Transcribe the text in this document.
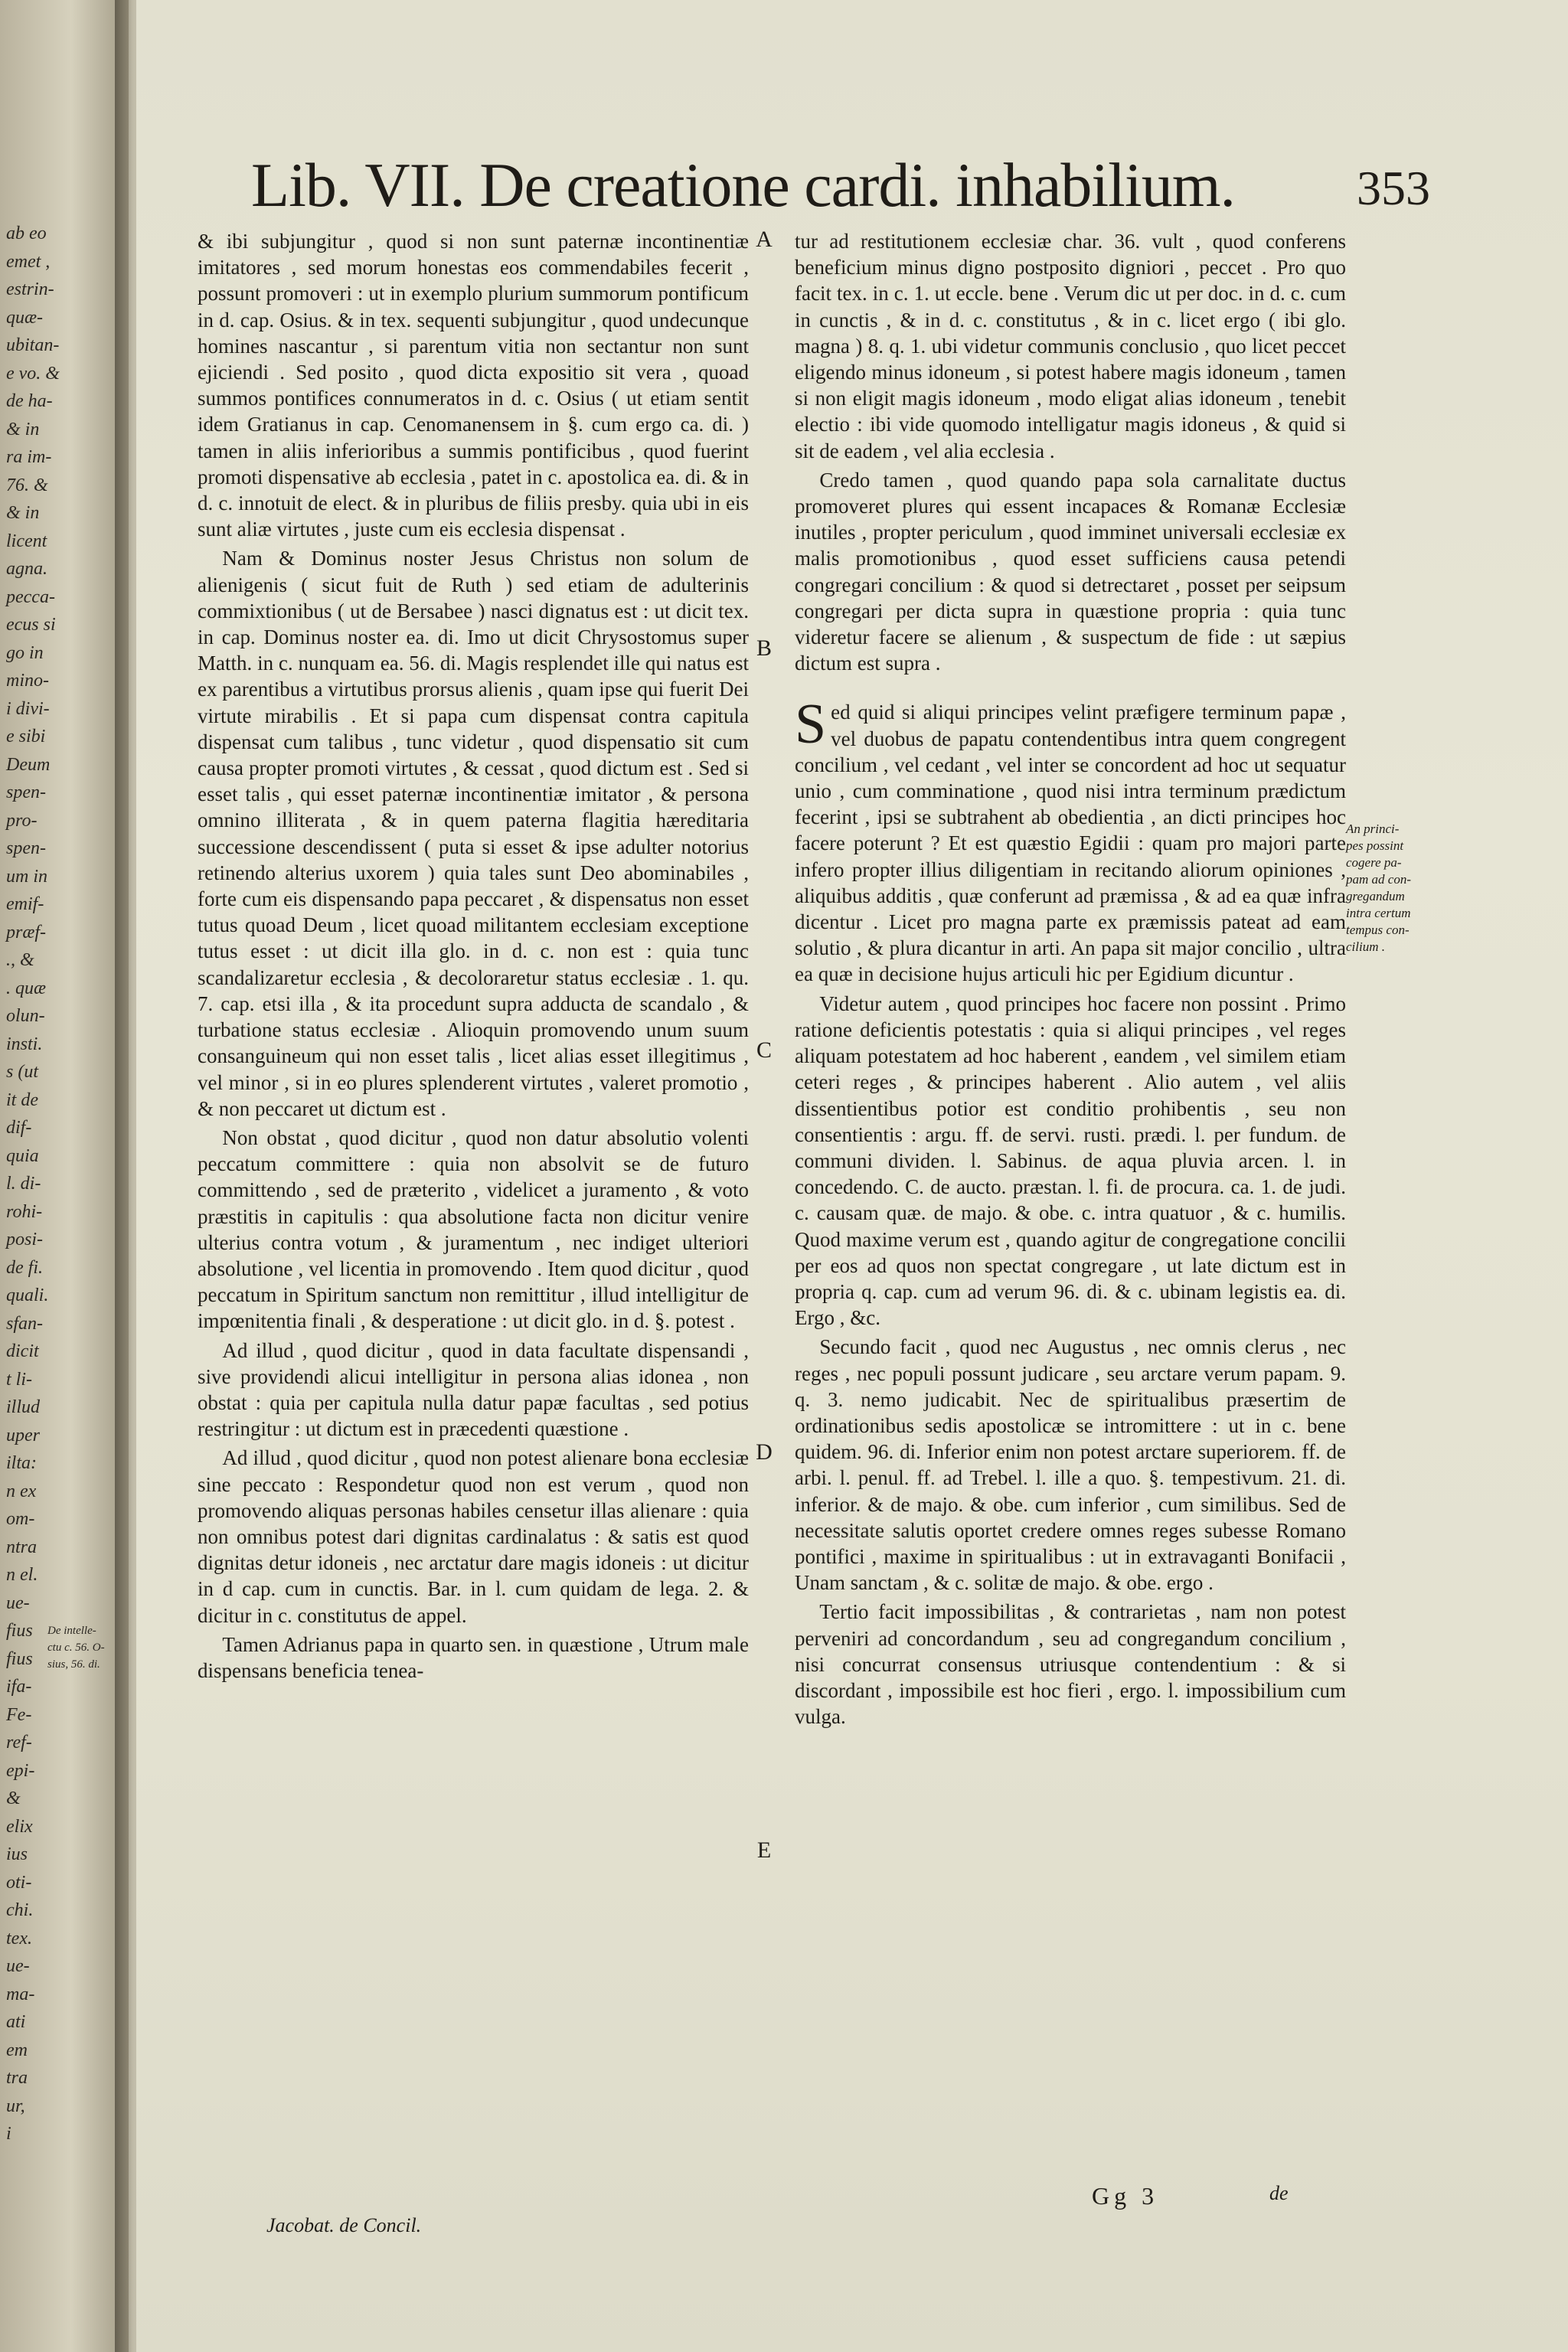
ab eo
emet ,
estrin-
quæ-
ubitan-
e vo. &
de ha-
& in
ra im-
76. &
& in
licent
agna.
pecca-
ecus si
go in
mino-
i divi-
e sibi
Deum
spen-
pro-
spen-
um in
emif-
præf-
., &
. quæ
olun-
insti.
s (ut
it de
dif-
quia
l. di-
rohi-
posi-
de fi.
quali.
sfan-
dicit
t li-
illud
uper
ilta:
n ex
om-
ntra
n el.
ue-
fius
fius
ifa-
Fe-
ref-
epi-
&
elix
ius
oti-
chi.
tex.
ue-
ma-
ati
em
tra
ur,
i
De intelle-
ctu c. 56. O-
sius, 56. di.
Lib. VII. De creatione cardi. inhabilium. 353

& ibi subjungitur , quod si non sunt paternæ incontinentiæ imitatores , sed morum honestas eos commendabiles fecerit , possunt promoveri : ut in exemplo plurium summorum pontificum in d. cap. Osius. & in tex. sequenti subjungitur , quod undecunque homines nascantur , si parentum vitia non sectantur non sunt ejiciendi . Sed posito , quod dicta expositio sit vera , quoad summos pontifices connumeratos in d. c. Osius ( ut etiam sentit idem Gratianus in cap. Cenomanensem in §. cum ergo ca. di. ) tamen in aliis inferioribus a summis pontificibus , quod fuerint promoti dispensative ab ecclesia , patet in c. apostolica ea. di. & in d. c. innotuit de elect. & in pluribus de filiis presby. quia ubi in eis sunt aliæ virtutes , juste cum eis ecclesia dispensat .

Nam & Dominus noster Jesus Christus non solum de alienigenis ( sicut fuit de Ruth ) sed etiam de adulterinis commixtionibus ( ut de Bersabee ) nasci dignatus est : ut dicit tex. in cap. Dominus noster ea. di. Imo ut dicit Chrysostomus super Matth. in c. nunquam ea. 56. di. Magis resplendet ille qui natus est ex parentibus a virtutibus prorsus alienis , quam ipse qui fuerit Dei virtute mirabilis . Et si papa cum dispensat contra capitula dispensat cum talibus , tunc videtur , quod dispensatio sit cum causa propter promoti virtutes , & cessat , quod dictum est . Sed si esset talis , qui esset paternæ incontinentiæ imitator , & persona omnino illiterata , & in quem paterna flagitia hæreditaria successione descendissent ( puta si esset & ipse adulter notorius retinendo alterius uxorem ) quia tales sunt Deo abominabiles , forte cum eis dispensando papa peccaret , & dispensatus non esset tutus quoad Deum , licet quoad militantem ecclesiam exceptione tutus esset : ut dicit illa glo. in d. c. non est : quia tunc scandalizaretur ecclesia , & decoloraretur status ecclesiæ . 1. qu. 7. cap. etsi illa , & ita procedunt supra adducta de scandalo , & turbatione status ecclesiæ . Alioquin promovendo unum suum consanguineum qui non esset talis , licet alias esset illegitimus , vel minor , si in eo plures splenderent virtutes , valeret promotio , & non peccaret ut dictum est .

Non obstat , quod dicitur , quod non datur absolutio volenti peccatum committere : quia non absolvit se de futuro committendo , sed de præterito , videlicet a juramento , & voto præstitis in capitulis : qua absolutione facta non dicitur venire ulterius contra votum , & juramentum , nec indiget ulteriori absolutione , vel licentia in promovendo . Item quod dicitur , quod peccatum in Spiritum sanctum non remittitur , illud intelligitur de impœnitentia finali , & desperatione : ut dicit glo. in d. §. potest .

Ad illud , quod dicitur , quod in data facultate dispensandi , sive providendi alicui intelligitur in persona alias idonea , non obstat : quia per capitula nulla datur papæ facultas , sed potius restringitur : ut dictum est in præcedenti quæstione .

Ad illud , quod dicitur , quod non potest alienare bona ecclesiæ sine peccato : Respondetur quod non est verum , quod non promovendo aliquas personas habiles censetur illas alienare : quia non omnibus potest dari dignitas cardinalatus : & satis est quod dignitas detur idoneis , nec arctatur dare magis idoneis : ut dicitur in d cap. cum in cunctis. Bar. in l. cum quidam de lega. 2. & dicitur in c. constitutus de appel.

Tamen Adrianus papa in quarto sen. in quæstione , Utrum male dispensans beneficia tenea-

Jacobat. de Concil.
A
B
C
D
E

tur ad restitutionem ecclesiæ char. 36. vult , quod conferens beneficium minus digno postposito digniori , peccet . Pro quo facit tex. in c. 1. ut eccle. bene . Verum dic ut per doc. in d. c. cum in cunctis , & in d. c. constitutus , & in c. licet ergo ( ibi glo. magna ) 8. q. 1. ubi videtur communis conclusio , quo licet peccet eligendo minus idoneum , si potest habere magis idoneum , tamen si non eligit magis idoneum , modo eligat alias idoneum , tenebit electio : ibi vide quomodo intelligatur magis idoneus , & quid si sit de eadem , vel alia ecclesia .

Credo tamen , quod quando papa sola carnalitate ductus promoveret plures qui essent incapaces & Romanæ Ecclesiæ inutiles , propter periculum , quod imminet universali ecclesiæ ex malis promotionibus , quod esset sufficiens causa petendi congregari concilium : & quod si detrectaret , posset per seipsum congregari per dicta supra in quæstione propria : quia tunc videretur facere se alienum , & suspectum de fide : ut sæpius dictum est supra .

Sed quid si aliqui principes velint præfigere terminum papæ , vel duobus de papatu contendentibus intra quem congregent concilium , vel cedant , vel inter se concordent ad hoc ut sequatur unio , cum comminatione , quod nisi intra terminum prædictum fecerint , ipsi se subtrahent ab obedientia , an dicti principes hoc facere poterunt ? Et est quæstio Egidii : quam pro majori parte infero propter illius diligentiam in recitando aliorum opiniones , aliquibus additis , quæ conferunt ad præmissa , & ad ea quæ infra dicentur . Licet pro magna parte ex præmissis pateat ad eam solutio , & plura dicantur in arti. An papa sit major concilio , ultra ea quæ in decisione hujus articuli hic per Egidium dicuntur .

Videtur autem , quod principes hoc facere non possint . Primo ratione deficientis potestatis : quia si aliqui principes , vel reges aliquam potestatem ad hoc haberent , eandem , vel similem etiam ceteri reges , & principes haberent . Alio autem , vel aliis dissentientibus potior est conditio prohibentis , seu non consentientis : argu. ff. de servi. rusti. prædi. l. per fundum. de communi dividen. l. Sabinus. de aqua pluvia arcen. l. in concedendo. C. de aucto. præstan. l. fi. de procura. ca. 1. de judi. c. causam quæ. de majo. & obe. c. intra quatuor , & c. humilis. Quod maxime verum est , quando agitur de congregatione concilii per eos ad quos non spectat congregare , ut late dictum est in propria q. cap. cum ad verum 96. di. & c. ubinam legistis ea. di. Ergo , &c.

Secundo facit , quod nec Augustus , nec omnis clerus , nec reges , nec populi possunt judicare , seu arctare verum papam. 9. q. 3. nemo judicabit. Nec de spiritualibus præsertim de ordinationibus sedis apostolicæ se intromittere : ut in c. bene quidem. 96. di. Inferior enim non potest arctare superiorem. ff. de arbi. l. penul. ff. ad Trebel. l. ille a quo. §. tempestivum. 21. di. inferior. & de majo. & obe. cum inferior , cum similibus. Sed de necessitate salutis oportet credere omnes reges subesse Romano pontifici , maxime in spiritualibus : ut in extravaganti Bonifacii , Unam sanctam , & c. solitæ de majo. & obe. ergo .

Tertio facit impossibilitas , & contrarietas , nam non potest perveniri ad concordandum , seu ad congregandum concilium , nisi concurrat consensus utriusque contendentium : & si discordant , impossibile est hoc fieri , ergo. l. impossibilium cum vulga.

Gg 3	de
An princi-
pes possint
cogere pa-
pam ad con-
gregandum
intra certum
tempus con-
cilium .
